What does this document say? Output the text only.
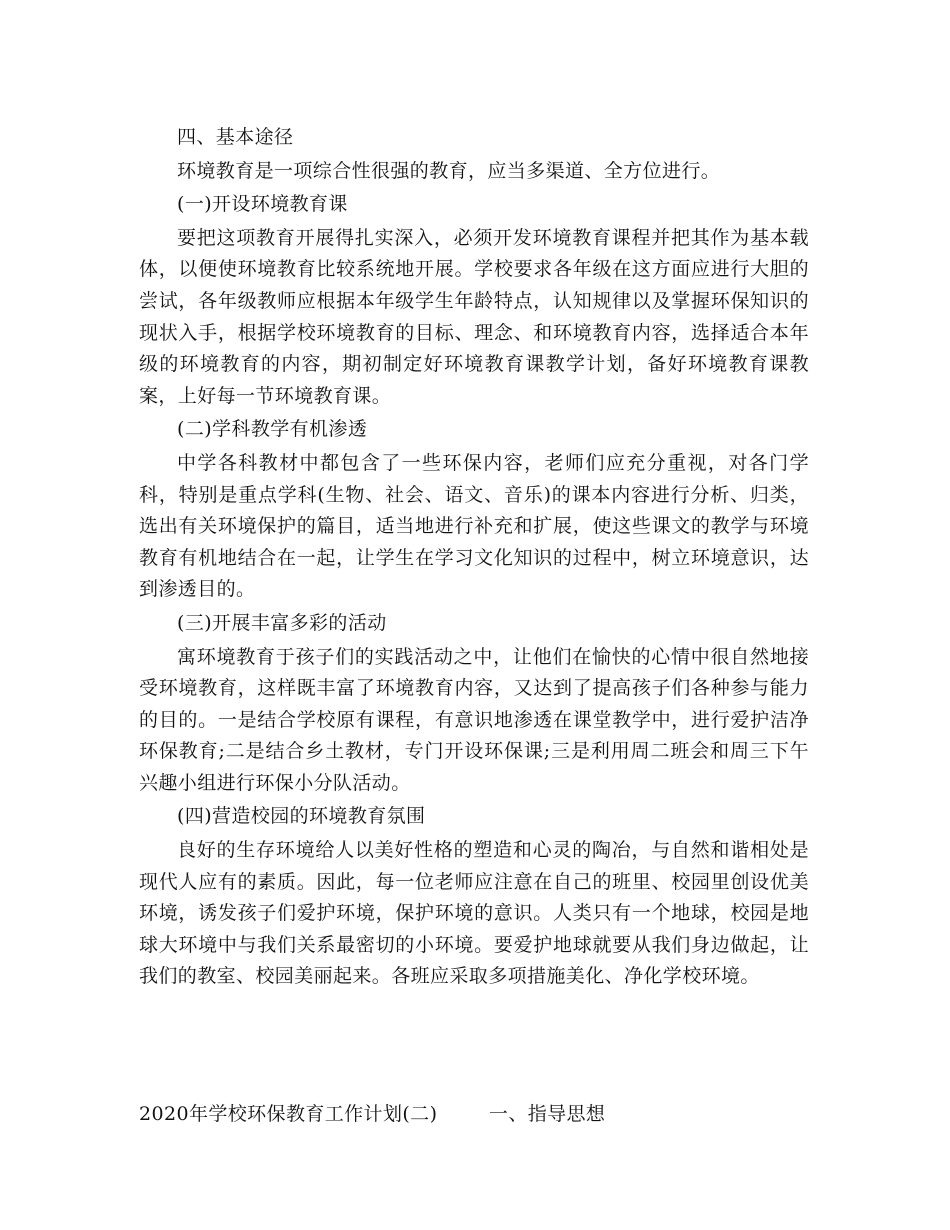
四、基本途径

环境教育是一项综合性很强的教育，应当多渠道、全方位进行。

(一)开设环境教育课

要把这项教育开展得扎实深入，必须开发环境教育课程并把其作为基本载体，以便使环境教育比较系统地开展。学校要求各年级在这方面应进行大胆的尝试，各年级教师应根据本年级学生年龄特点，认知规律以及掌握环保知识的现状入手，根据学校环境教育的目标、理念、和环境教育内容，选择适合本年级的环境教育的内容，期初制定好环境教育课教学计划，备好环境教育课教案，上好每一节环境教育课。

(二)学科教学有机渗透

中学各科教材中都包含了一些环保内容，老师们应充分重视，对各门学科，特别是重点学科(生物、社会、语文、音乐)的课本内容进行分析、归类，选出有关环境保护的篇目，适当地进行补充和扩展，使这些课文的教学与环境教育有机地结合在一起，让学生在学习文化知识的过程中，树立环境意识，达到渗透目的。

(三)开展丰富多彩的活动

寓环境教育于孩子们的实践活动之中，让他们在愉快的心情中很自然地接受环境教育，这样既丰富了环境教育内容，又达到了提高孩子们各种参与能力的目的。一是结合学校原有课程，有意识地渗透在课堂教学中，进行爱护洁净环保教育;二是结合乡土教材，专门开设环保课;三是利用周二班会和周三下午兴趣小组进行环保小分队活动。

(四)营造校园的环境教育氛围

良好的生存环境给人以美好性格的塑造和心灵的陶冶，与自然和谐相处是现代人应有的素质。因此，每一位老师应注意在自己的班里、校园里创设优美环境，诱发孩子们爱护环境，保护环境的意识。人类只有一个地球，校园是地球大环境中与我们关系最密切的小环境。要爱护地球就要从我们身边做起，让我们的教室、校园美丽起来。各班应采取多项措施美化、净化学校环境。

2020年学校环保教育工作计划(二)	一、指导思想
